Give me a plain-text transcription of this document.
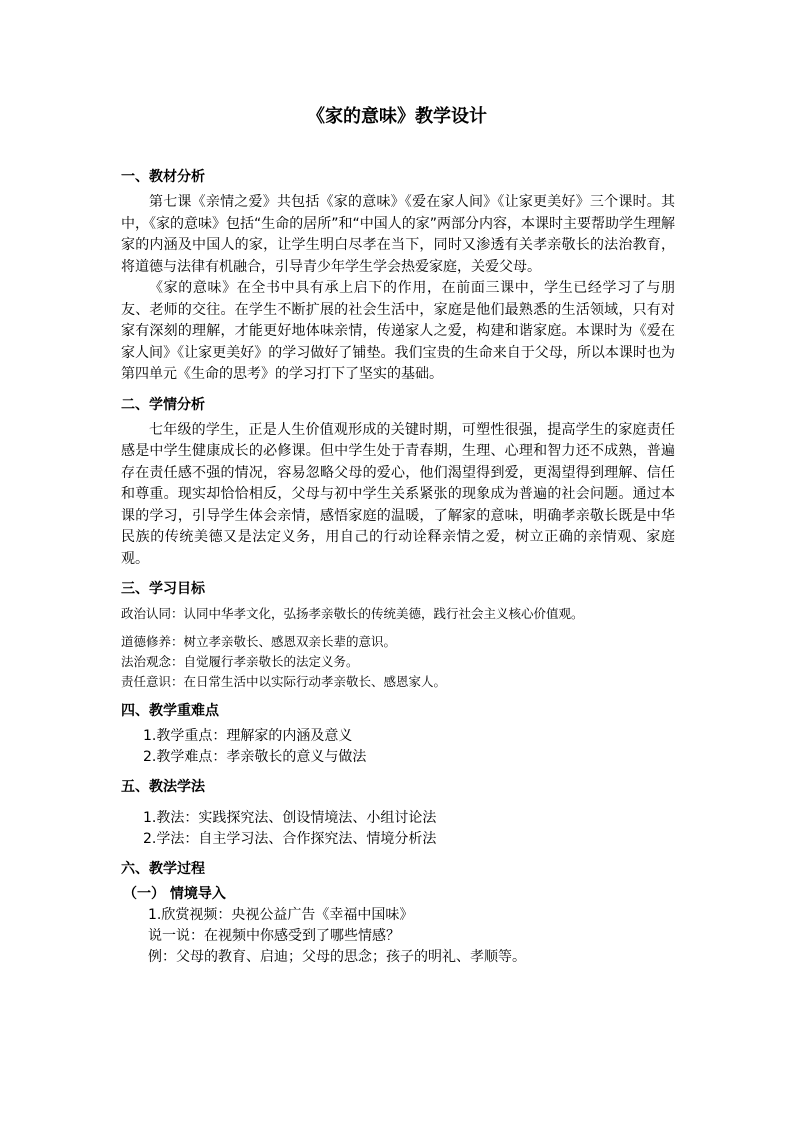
《家的意味》教学设计
一、教材分析

第七课《亲情之爱》共包括《家的意味》《爱在家人间》《让家更美好》三个课时。其中，《家的意味》包括“生命的居所”和“中国人的家”两部分内容，本课时主要帮助学生理解家的内涵及中国人的家，让学生明白尽孝在当下，同时又渗透有关孝亲敬长的法治教育，将道德与法律有机融合，引导青少年学生学会热爱家庭，关爱父母。

《家的意味》在全书中具有承上启下的作用，在前面三课中，学生已经学习了与朋友、老师的交往。在学生不断扩展的社会生活中，家庭是他们最熟悉的生活领域，只有对家有深刻的理解，才能更好地体味亲情，传递家人之爱，构建和谐家庭。本课时为《爱在家人间》《让家更美好》的学习做好了铺垫。我们宝贵的生命来自于父母，所以本课时也为第四单元《生命的思考》的学习打下了坚实的基础。

二、学情分析

七年级的学生，正是人生价值观形成的关键时期，可塑性很强，提高学生的家庭责任感是中学生健康成长的必修课。但中学生处于青春期，生理、心理和智力还不成熟，普遍存在责任感不强的情况，容易忽略父母的爱心，他们渴望得到爱，更渴望得到理解、信任和尊重。现实却恰恰相反，父母与初中学生关系紧张的现象成为普遍的社会问题。通过本课的学习，引导学生体会亲情，感悟家庭的温暖，了解家的意味，明确孝亲敬长既是中华民族的传统美德又是法定义务，用自己的行动诠释亲情之爱，树立正确的亲情观、家庭观。

三、学习目标

政治认同：认同中华孝文化，弘扬孝亲敬长的传统美德，践行社会主义核心价值观。

道德修养：树立孝亲敬长、感恩双亲长辈的意识。

法治观念：自觉履行孝亲敬长的法定义务。

责任意识：在日常生活中以实际行动孝亲敬长、感恩家人。

四、教学重难点

1.教学重点：理解家的内涵及意义

2.教学难点：孝亲敬长的意义与做法

五、教法学法

1.教法：实践探究法、创设情境法、小组讨论法

2.学法：自主学习法、合作探究法、情境分析法

六、教学过程

（一） 情境导入

1.欣赏视频：央视公益广告《幸福中国味》

说一说：在视频中你感受到了哪些情感？

例：父母的教育、启迪；父母的思念；孩子的明礼、孝顺等。
